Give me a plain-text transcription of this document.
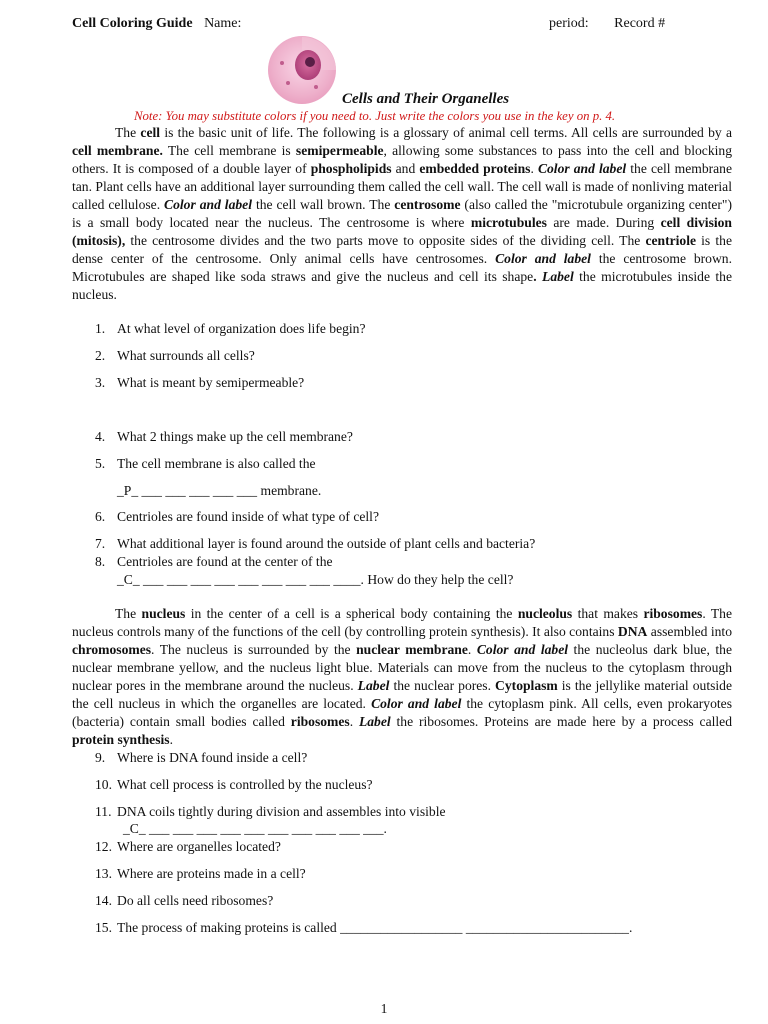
Cell Coloring Guide Name:	period: Record #
Cells and Their Organelles
Note: You may substitute colors if you need to. Just write the colors you use in the key on p. 4.

The cell is the basic unit of life. The following is a glossary of animal cell terms. All cells are surrounded by a cell membrane. The cell membrane is semipermeable, allowing some substances to pass into the cell and blocking others. It is composed of a double layer of phospholipids and embedded proteins. Color and label the cell membrane tan. Plant cells have an additional layer surrounding them called the cell wall. The cell wall is made of nonliving material called cellulose. Color and label the cell wall brown. The centrosome (also called the "microtubule organizing center") is a small body located near the nucleus. The centrosome is where microtubules are made. During cell division (mitosis), the centrosome divides and the two parts move to opposite sides of the dividing cell. The centriole is the dense center of the centrosome. Only animal cells have centrosomes. Color and label the centrosome brown. Microtubules are shaped like soda straws and give the nucleus and cell its shape. Label the microtubules inside the nucleus.

1. At what level of organization does life begin?
2. What surrounds all cells?
3. What is meant by semipermeable?
4. What 2 things make up the cell membrane?
5. The cell membrane is also called the
6. Centrioles are found inside of what type of cell?
7. What additional layer is found around the outside of plant cells and bacteria?
8. Centrioles are found at the center of the
_P_ ___ ___ ___ ___ ___ membrane.
_C_ ___ ___ ___ ___ ___ ___ ___ ___ ____. How do they help the cell?

The nucleus in the center of a cell is a spherical body containing the nucleolus that makes ribosomes. The nucleus controls many of the functions of the cell (by controlling protein synthesis). It also contains DNA assembled into chromosomes. The nucleus is surrounded by the nuclear membrane. Color and label the nucleolus dark blue, the nuclear membrane yellow, and the nucleus light blue. Materials can move from the nucleus to the cytoplasm through nuclear pores in the membrane around the nucleus. Label the nuclear pores. Cytoplasm is the jellylike material outside the cell nucleus in which the organelles are located. Color and label the cytoplasm pink. All cells, even prokaryotes (bacteria) contain small bodies called ribosomes. Label the ribosomes. Proteins are made here by a process called protein synthesis.

9. Where is DNA found inside a cell?
10. What cell process is controlled by the nucleus?
11. DNA coils tightly during division and assembles into visible
12. Where are organelles located?
13. Where are proteins made in a cell?
14. Do all cells need ribosomes?
15. The process of making proteins is called __________________ ________________________.
_C_ ___ ___ ___ ___ ___ ___ ___ ___ ___ ___.
1
